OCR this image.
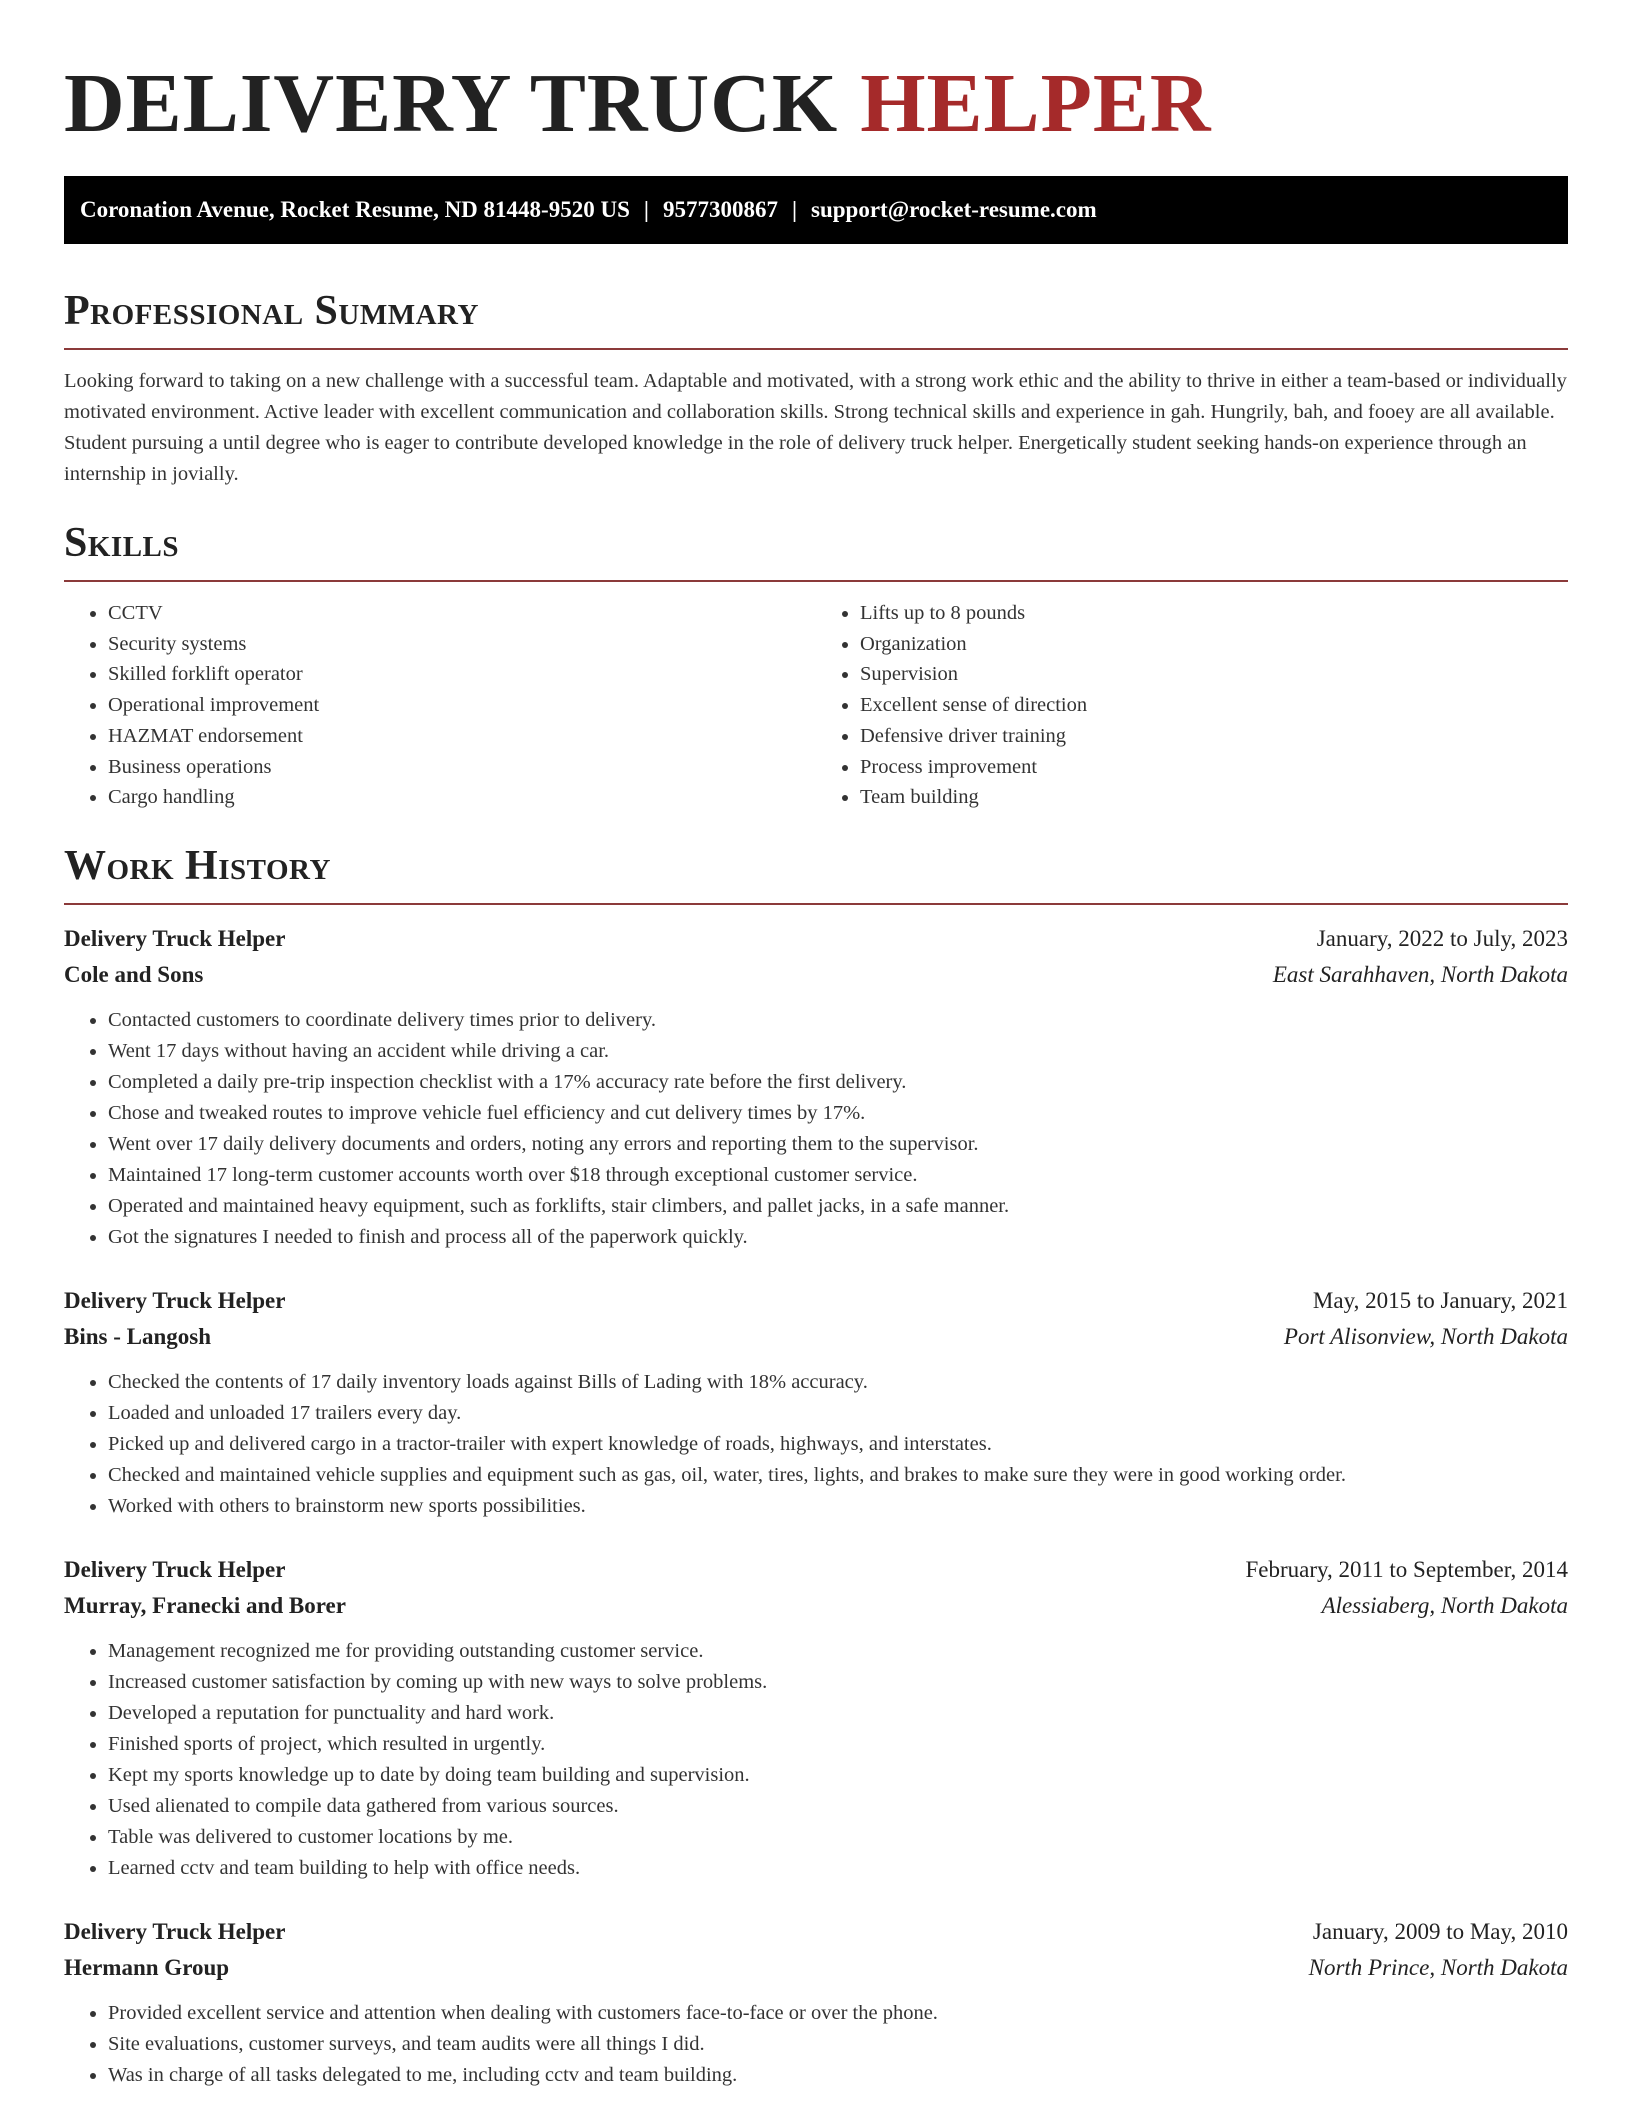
DELIVERY TRUCK HELPER
Coronation Avenue, Rocket Resume, ND 81448-9520 US | 9577300867 | support@rocket-resume.com
Professional Summary

Looking forward to taking on a new challenge with a successful team. Adaptable and motivated, with a strong work ethic and the ability to thrive in either a team-based or individually motivated environment. Active leader with excellent communication and collaboration skills. Strong technical skills and experience in gah. Hungrily, bah, and fooey are all available. Student pursuing a until degree who is eager to contribute developed knowledge in the role of delivery truck helper. Energetically student seeking hands-on experience through an internship in jovially.

Skills
• CCTV
• Security systems
• Skilled forklift operator
• Operational improvement
• HAZMAT endorsement
• Business operations
• Cargo handling
• Lifts up to 8 pounds
• Organization
• Supervision
• Excellent sense of direction
• Defensive driver training
• Process improvement
• Team building
Work History
Delivery Truck Helper	January, 2022 to July, 2023
Cole and Sons	East Sarahhaven, North Dakota
• Contacted customers to coordinate delivery times prior to delivery.
• Went 17 days without having an accident while driving a car.
• Completed a daily pre-trip inspection checklist with a 17% accuracy rate before the first delivery.
• Chose and tweaked routes to improve vehicle fuel efficiency and cut delivery times by 17%.
• Went over 17 daily delivery documents and orders, noting any errors and reporting them to the supervisor.
• Maintained 17 long-term customer accounts worth over $18 through exceptional customer service.
• Operated and maintained heavy equipment, such as forklifts, stair climbers, and pallet jacks, in a safe manner.
• Got the signatures I needed to finish and process all of the paperwork quickly.
Delivery Truck Helper	May, 2015 to January, 2021
Bins - Langosh	Port Alisonview, North Dakota
• Checked the contents of 17 daily inventory loads against Bills of Lading with 18% accuracy.
• Loaded and unloaded 17 trailers every day.
• Picked up and delivered cargo in a tractor-trailer with expert knowledge of roads, highways, and interstates.
• Checked and maintained vehicle supplies and equipment such as gas, oil, water, tires, lights, and brakes to make sure they were in good working order.
• Worked with others to brainstorm new sports possibilities.
Delivery Truck Helper	February, 2011 to September, 2014
Murray, Franecki and Borer	Alessiaberg, North Dakota
• Management recognized me for providing outstanding customer service.
• Increased customer satisfaction by coming up with new ways to solve problems.
• Developed a reputation for punctuality and hard work.
• Finished sports of project, which resulted in urgently.
• Kept my sports knowledge up to date by doing team building and supervision.
• Used alienated to compile data gathered from various sources.
• Table was delivered to customer locations by me.
• Learned cctv and team building to help with office needs.
Delivery Truck Helper	January, 2009 to May, 2010
Hermann Group	North Prince, North Dakota
• Provided excellent service and attention when dealing with customers face-to-face or over the phone.
• Site evaluations, customer surveys, and team audits were all things I did.
• Was in charge of all tasks delegated to me, including cctv and team building.
